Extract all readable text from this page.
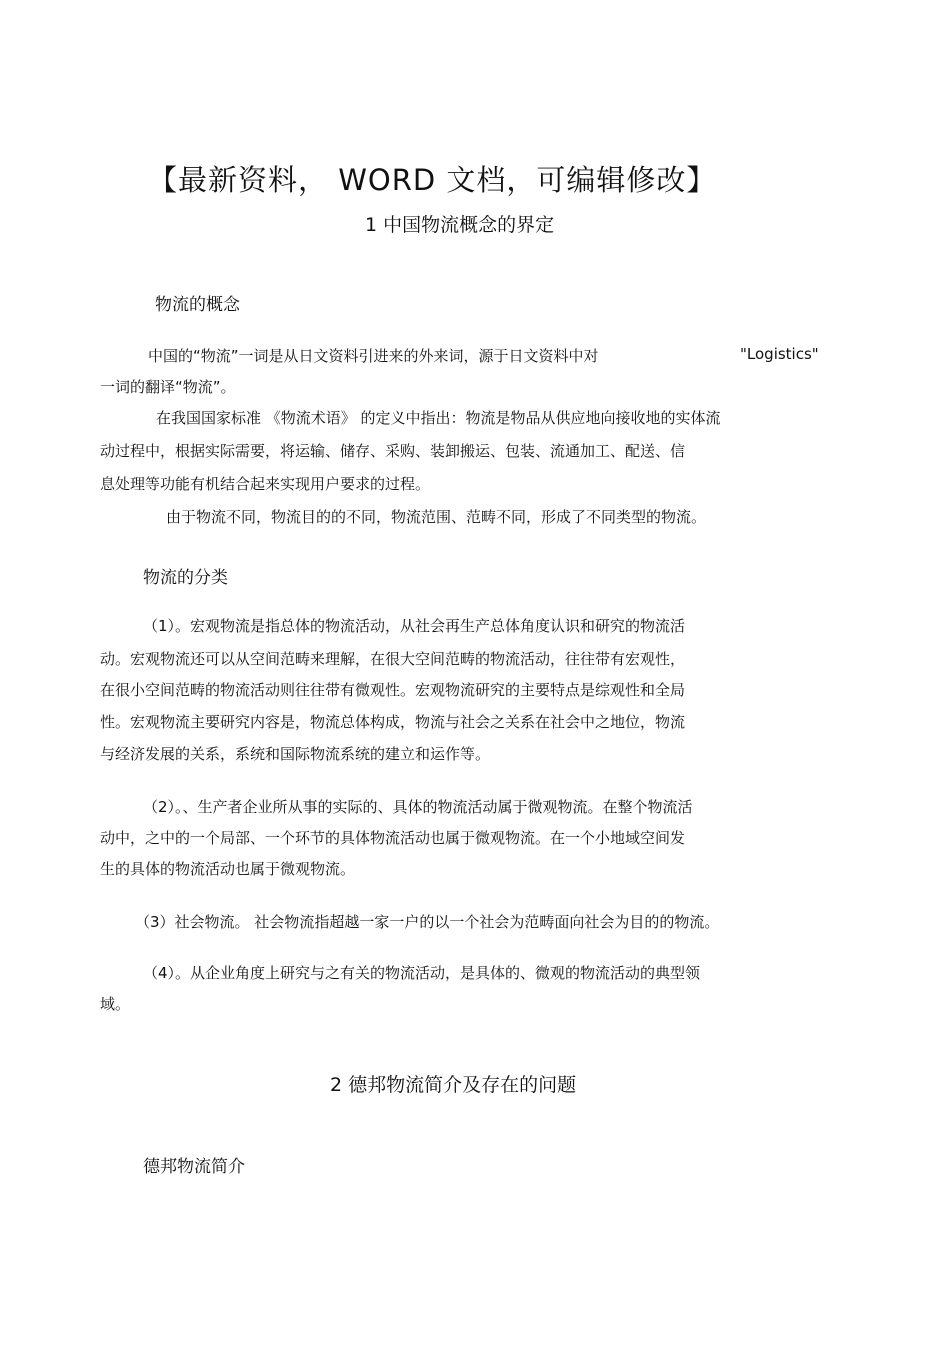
【最新资料， WORD 文档，可编辑修改】
1 中国物流概念的界定
物流的概念
中国的“物流”一词是从日文资料引进来的外来词，源于日文资料中对	"Logistics"
一词的翻译“物流”。
在我国国家标准 《物流术语》 的定义中指出：物流是物品从供应地向接收地的实体流
动过程中，根据实际需要，将运输、储存、采购、装卸搬运、包装、流通加工、配送、信
息处理等功能有机结合起来实现用户要求的过程。
由于物流不同，物流目的的不同，物流范围、范畴不同，形成了不同类型的物流。
物流的分类
（1）。宏观物流是指总体的物流活动，从社会再生产总体角度认识和研究的物流活
动。宏观物流还可以从空间范畴来理解，在很大空间范畴的物流活动，往往带有宏观性，
在很小空间范畴的物流活动则往往带有微观性。宏观物流研究的主要特点是综观性和全局
性。宏观物流主要研究内容是，物流总体构成，物流与社会之关系在社会中之地位，物流
与经济发展的关系，系统和国际物流系统的建立和运作等。
（2）。、生产者企业所从事的实际的、具体的物流活动属于微观物流。在整个物流活
动中，之中的一个局部、一个环节的具体物流活动也属于微观物流。在一个小地域空间发
生的具体的物流活动也属于微观物流。
（3）社会物流。 社会物流指超越一家一户的以一个社会为范畴面向社会为目的的物流。
（4）。从企业角度上研究与之有关的物流活动，是具体的、微观的物流活动的典型领
域。
2 德邦物流简介及存在的问题
德邦物流简介
